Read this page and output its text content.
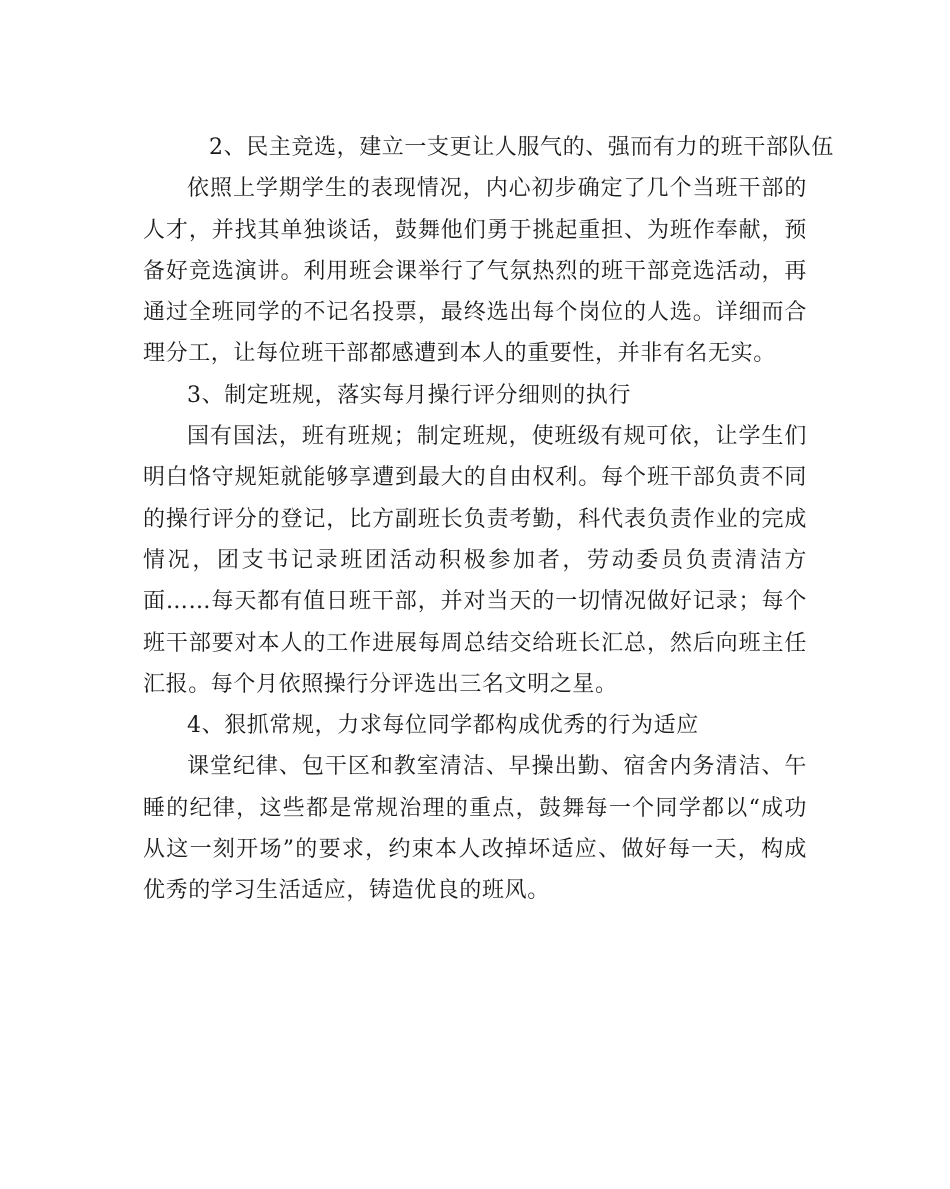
2、民主竞选，建立一支更让人服气的、强而有力的班干部队伍

依照上学期学生的表现情况，内心初步确定了几个当班干部的人才，并找其单独谈话，鼓舞他们勇于挑起重担、为班作奉献，预备好竞选演讲。利用班会课举行了气氛热烈的班干部竞选活动，再通过全班同学的不记名投票，最终选出每个岗位的人选。详细而合理分工，让每位班干部都感遭到本人的重要性，并非有名无实。

3、制定班规，落实每月操行评分细则的执行

国有国法，班有班规；制定班规，使班级有规可依，让学生们明白恪守规矩就能够享遭到最大的自由权利。每个班干部负责不同的操行评分的登记，比方副班长负责考勤，科代表负责作业的完成情况，团支书记录班团活动积极参加者，劳动委员负责清洁方面……每天都有值日班干部，并对当天的一切情况做好记录；每个班干部要对本人的工作进展每周总结交给班长汇总，然后向班主任汇报。每个月依照操行分评选出三名文明之星。

4、狠抓常规，力求每位同学都构成优秀的行为适应

课堂纪律、包干区和教室清洁、早操出勤、宿舍内务清洁、午睡的纪律，这些都是常规治理的重点，鼓舞每一个同学都以“成功从这一刻开场”的要求，约束本人改掉坏适应、做好每一天，构成优秀的学习生活适应，铸造优良的班风。
